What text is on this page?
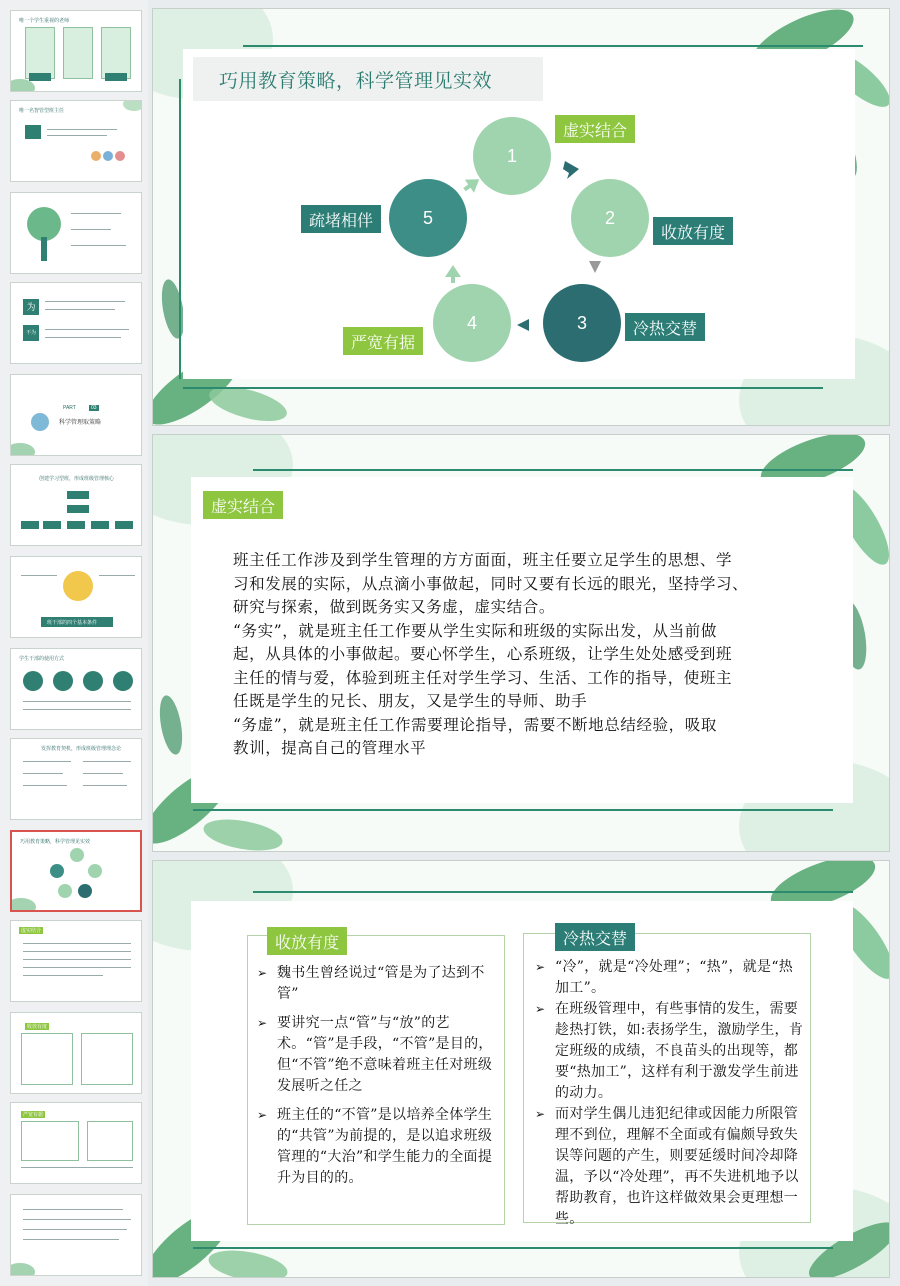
唯一个学生重视的老师
唯一名智管型班主任
为
不为
PART	03
科学管理取策略
创建学习型班，形成班级管理核心
班干部的四个基本条件
学生干部的使用方式
发挥教育契机，形成班级管理理念论
巧用教育策略，科学管理见实效
虚实结合
收放有度
严宽有据
巧用教育策略，科学管理见实效
1
2
3
4
5
虚实结合
收放有度
冷热交替
严宽有据
疏堵相伴
虚实结合
班主任工作涉及到学生管理的方方面面，班主任要立足学生的思想、学
习和发展的实际，从点滴小事做起，同时又要有长远的眼光，坚持学习、
研究与探索，做到既务实又务虚，虚实结合。
“务实”，就是班主任工作要从学生实际和班级的实际出发，从当前做
起，从具体的小事做起。要心怀学生，心系班级，让学生处处感受到班
主任的情与爱，体验到班主任对学生学习、生活、工作的指导，使班主
任既是学生的兄长、朋友，又是学生的导师、助手
“务虚”，就是班主任工作需要理论指导，需要不断地总结经验，吸取
教训，提高自己的管理水平
收放有度
➢ 魏书生曾经说过“管是为了达到不管”
➢ 要讲究一点“管”与“放”的艺术。“管”是手段，“不管”是目的，但“不管”绝不意味着班主任对班级发展听之任之
➢ 班主任的“不管”是以培养全体学生的“共管”为前提的，是以追求班级管理的“大治”和学生能力的全面提升为目的的。
冷热交替
➢ “冷”，就是“冷处理”；“热”，就是“热加工”。
➢ 在班级管理中，有些事情的发生，需要趁热打铁，如:表扬学生，激励学生，肯定班级的成绩，不良苗头的出现等，都要“热加工”，这样有利于激发学生前进的动力。
➢ 而对学生偶儿违犯纪律或因能力所限管理不到位，理解不全面或有偏颇导致失误等问题的产生，则要延缓时间冷却降温，予以“冷处理”，再不失进机地予以帮助教育，也许这样做效果会更理想一些。
